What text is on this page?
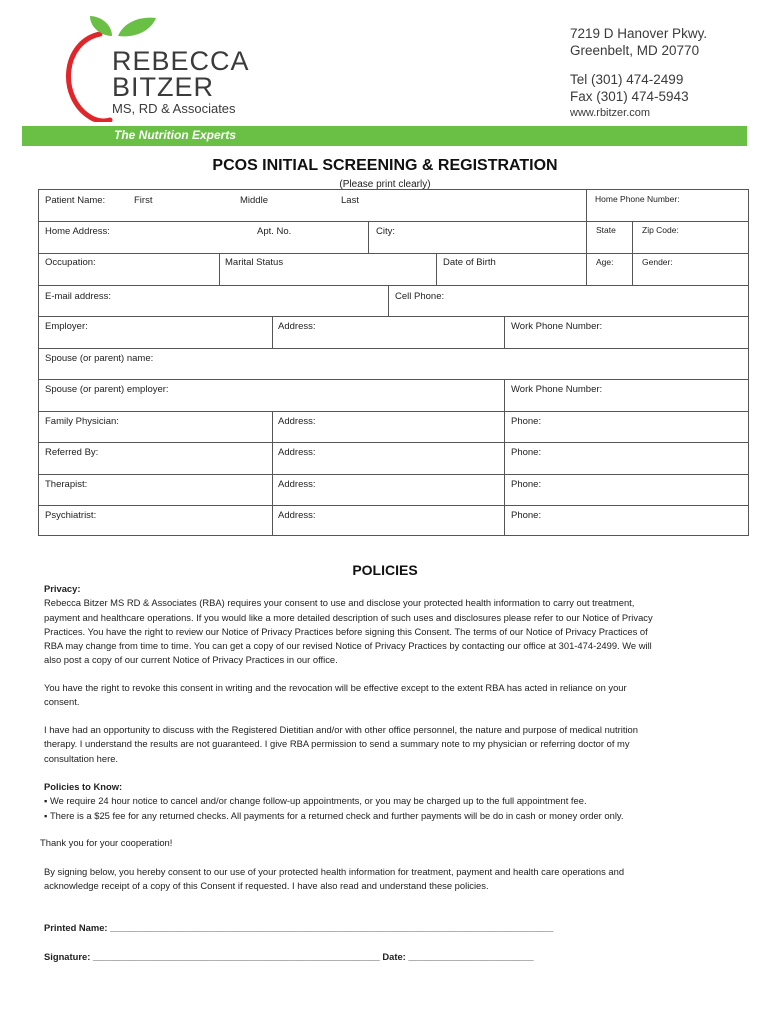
REBECCA
BITZER
MS, RD & Associates
7219 D Hanover Pkwy.
Greenbelt, MD 20770
Tel (301) 474-2499
Fax (301) 474-5943
www.rbitzer.com
The Nutrition Experts
PCOS INITIAL SCREENING & REGISTRATION
(Please print clearly)
Patient Name:	First	Middle	Last	Home Phone Number:
Home Address:	Apt. No.	City:	State	Zip Code:
Occupation:	Marital Status	Date of Birth	Age:	Gender:
E-mail address:	Cell Phone:
Employer:	Address:	Work Phone Number:
Spouse (or parent) name:
Spouse (or parent) employer:	Work Phone Number:
Family Physician:	Address:	Phone:
Referred By:	Address:	Phone:
Therapist:	Address:	Phone:
Psychiatrist:	Address:	Phone:
POLICIES
Privacy:
Rebecca Bitzer MS RD & Associates (RBA) requires your consent to use and disclose your protected health information to carry out treatment,
payment and healthcare operations. If you would like a more detailed description of such uses and disclosures please refer to our Notice of Privacy
Practices. You have the right to review our Notice of Privacy Practices before signing this Consent. The terms of our Notice of Privacy Practices of
RBA may change from time to time. You can get a copy of our revised Notice of Privacy Practices by contacting our office at 301-474-2499. We will
also post a copy of our current Notice of Privacy Practices in our office.
You have the right to revoke this consent in writing and the revocation will be effective except to the extent RBA has acted in reliance on your
consent.
I have had an opportunity to discuss with the Registered Dietitian and/or with other office personnel, the nature and purpose of medical nutrition
therapy. I understand the results are not guaranteed. I give RBA permission to send a summary note to my physician or referring doctor of my
consultation here.
Policies to Know:
▪ We require 24 hour notice to cancel and/or change follow-up appointments, or you may be charged up to the full appointment fee.
▪ There is a $25 fee for any returned checks. All payments for a returned check and further payments will be do in cash or money order only.
Thank you for your cooperation!
By signing below, you hereby consent to our use of your protected health information for treatment, payment and health care operations and
acknowledge receipt of a copy of this Consent if requested. I have also read and understand these policies.
Printed Name: _____________________________________________________________________________________
Signature: _______________________________________________________ Date: ________________________
